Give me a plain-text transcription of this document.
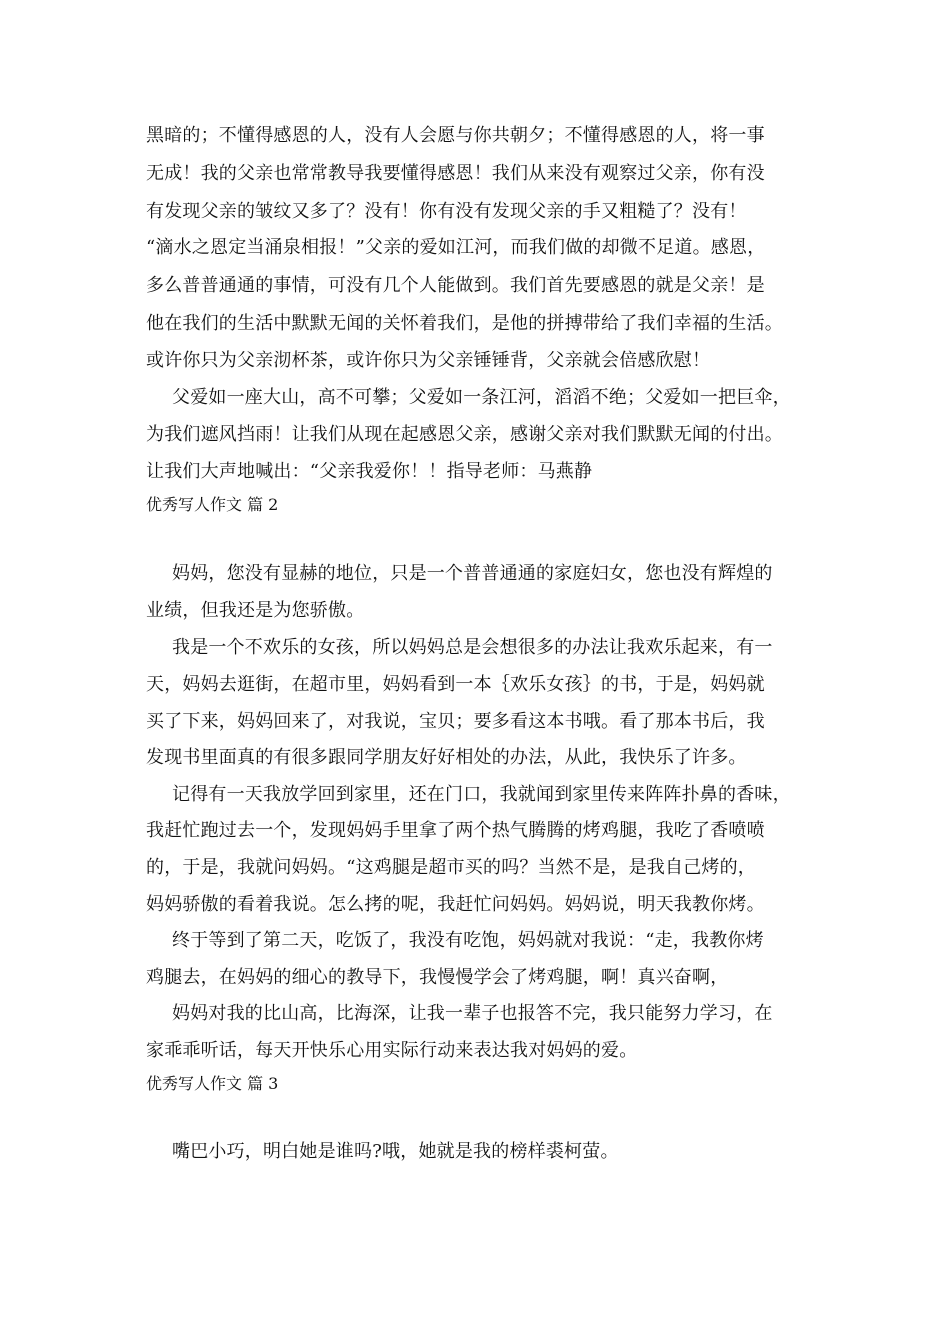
黑暗的；不懂得感恩的人，没有人会愿与你共朝夕；不懂得感恩的人，将一事
无成！我的父亲也常常教导我要懂得感恩！我们从来没有观察过父亲，你有没
有发现父亲的皱纹又多了？没有！你有没有发现父亲的手又粗糙了？没有！
“滴水之恩定当涌泉相报！”父亲的爱如江河，而我们做的却微不足道。感恩，
多么普普通通的事情，可没有几个人能做到。我们首先要感恩的就是父亲！是
他在我们的生活中默默无闻的关怀着我们，是他的拼搏带给了我们幸福的生活。
或许你只为父亲沏杯茶，或许你只为父亲锤锤背，父亲就会倍感欣慰！
父爱如一座大山，高不可攀；父爱如一条江河，滔滔不绝；父爱如一把巨伞，
为我们遮风挡雨！让我们从现在起感恩父亲，感谢父亲对我们默默无闻的付出。
让我们大声地喊出：“父亲我爱你！！指导老师：马燕静
优秀写人作文 篇 2
妈妈，您没有显赫的地位，只是一个普普通通的家庭妇女，您也没有辉煌的
业绩，但我还是为您骄傲。
我是一个不欢乐的女孩，所以妈妈总是会想很多的办法让我欢乐起来，有一
天，妈妈去逛街，在超市里，妈妈看到一本｛欢乐女孩｝的书，于是，妈妈就
买了下来，妈妈回来了，对我说，宝贝；要多看这本书哦。看了那本书后，我
发现书里面真的有很多跟同学朋友好好相处的办法，从此，我快乐了许多。
记得有一天我放学回到家里，还在门口，我就闻到家里传来阵阵扑鼻的香味，
我赶忙跑过去一个，发现妈妈手里拿了两个热气腾腾的烤鸡腿，我吃了香喷喷
的，于是，我就问妈妈。“这鸡腿是超市买的吗？当然不是，是我自己烤的，
妈妈骄傲的看着我说。怎么拷的呢，我赶忙问妈妈。妈妈说，明天我教你烤。
终于等到了第二天，吃饭了，我没有吃饱，妈妈就对我说：“走，我教你烤
鸡腿去，在妈妈的细心的教导下，我慢慢学会了烤鸡腿，啊！真兴奋啊，
妈妈对我的比山高，比海深，让我一辈子也报答不完，我只能努力学习，在
家乖乖听话，每天开快乐心用实际行动来表达我对妈妈的爱。
优秀写人作文 篇 3
嘴巴小巧，明白她是谁吗?哦，她就是我的榜样裘柯萤。
